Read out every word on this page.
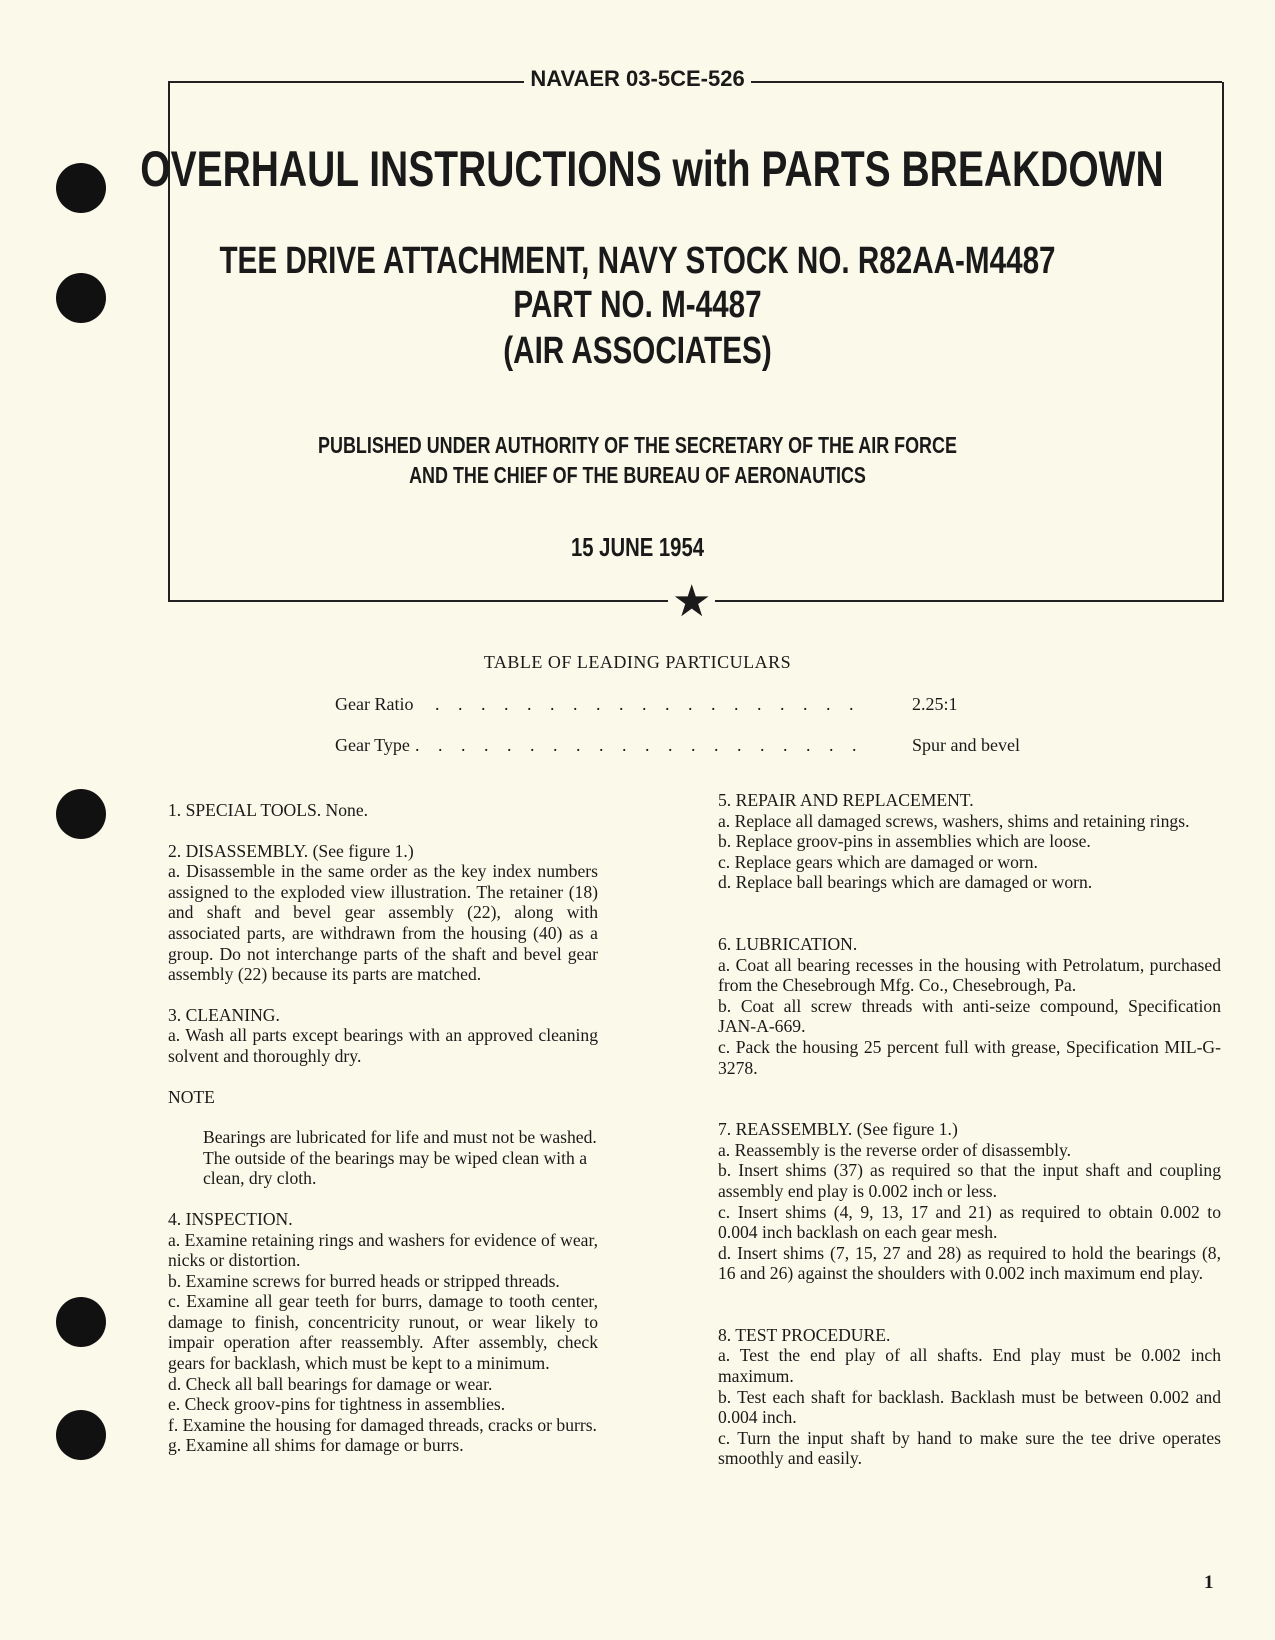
NAVAER 03-5CE-526
OVERHAUL INSTRUCTIONS with PARTS BREAKDOWN
TEE DRIVE ATTACHMENT, NAVY STOCK NO. R82AA-M4487
PART NO. M-4487
(AIR ASSOCIATES)
PUBLISHED UNDER AUTHORITY OF THE SECRETARY OF THE AIR FORCE
AND THE CHIEF OF THE BUREAU OF AERONAUTICS
15 JUNE 1954
★
TABLE OF LEADING PARTICULARS
Gear Ratio . . . . . . . . . . . . . . . . . . .	2.25:1
Gear Type . . . . . . . . . . . . . . . . . . . .	Spur and bevel

1. SPECIAL TOOLS. None.

2. DISASSEMBLY. (See figure 1.)

a. Disassemble in the same order as the key index numbers assigned to the exploded view illustration. The retainer (18) and shaft and bevel gear assembly (22), along with associated parts, are withdrawn from the housing (40) as a group. Do not interchange parts of the shaft and bevel gear assembly (22) because its parts are matched.

3. CLEANING.

a. Wash all parts except bearings with an approved cleaning solvent and thoroughly dry.

NOTE

Bearings are lubricated for life and must not be washed. The outside of the bearings may be wiped clean with a clean, dry cloth.

4. INSPECTION.

a. Examine retaining rings and washers for evidence of wear, nicks or distortion.

b. Examine screws for burred heads or stripped threads.

c. Examine all gear teeth for burrs, damage to tooth center, damage to finish, concentricity runout, or wear likely to impair operation after reassembly. After assembly, check gears for backlash, which must be kept to a minimum.

d. Check all ball bearings for damage or wear.

e. Check groov-pins for tightness in assemblies.

f. Examine the housing for damaged threads, cracks or burrs.

g. Examine all shims for damage or burrs.

5. REPAIR AND REPLACEMENT.

a. Replace all damaged screws, washers, shims and retaining rings.

b. Replace groov-pins in assemblies which are loose.

c. Replace gears which are damaged or worn.

d. Replace ball bearings which are damaged or worn.

6. LUBRICATION.

a. Coat all bearing recesses in the housing with Petrolatum, purchased from the Chesebrough Mfg. Co., Chesebrough, Pa.

b. Coat all screw threads with anti-seize compound, Specification JAN-A-669.

c. Pack the housing 25 percent full with grease, Specification MIL-G-3278.

7. REASSEMBLY. (See figure 1.)

a. Reassembly is the reverse order of disassembly.

b. Insert shims (37) as required so that the input shaft and coupling assembly end play is 0.002 inch or less.

c. Insert shims (4, 9, 13, 17 and 21) as required to obtain 0.002 to 0.004 inch backlash on each gear mesh.

d. Insert shims (7, 15, 27 and 28) as required to hold the bearings (8, 16 and 26) against the shoulders with 0.002 inch maximum end play.

8. TEST PROCEDURE.

a. Test the end play of all shafts. End play must be 0.002 inch maximum.

b. Test each shaft for backlash. Backlash must be between 0.002 and 0.004 inch.

c. Turn the input shaft by hand to make sure the tee drive operates smoothly and easily.

1
